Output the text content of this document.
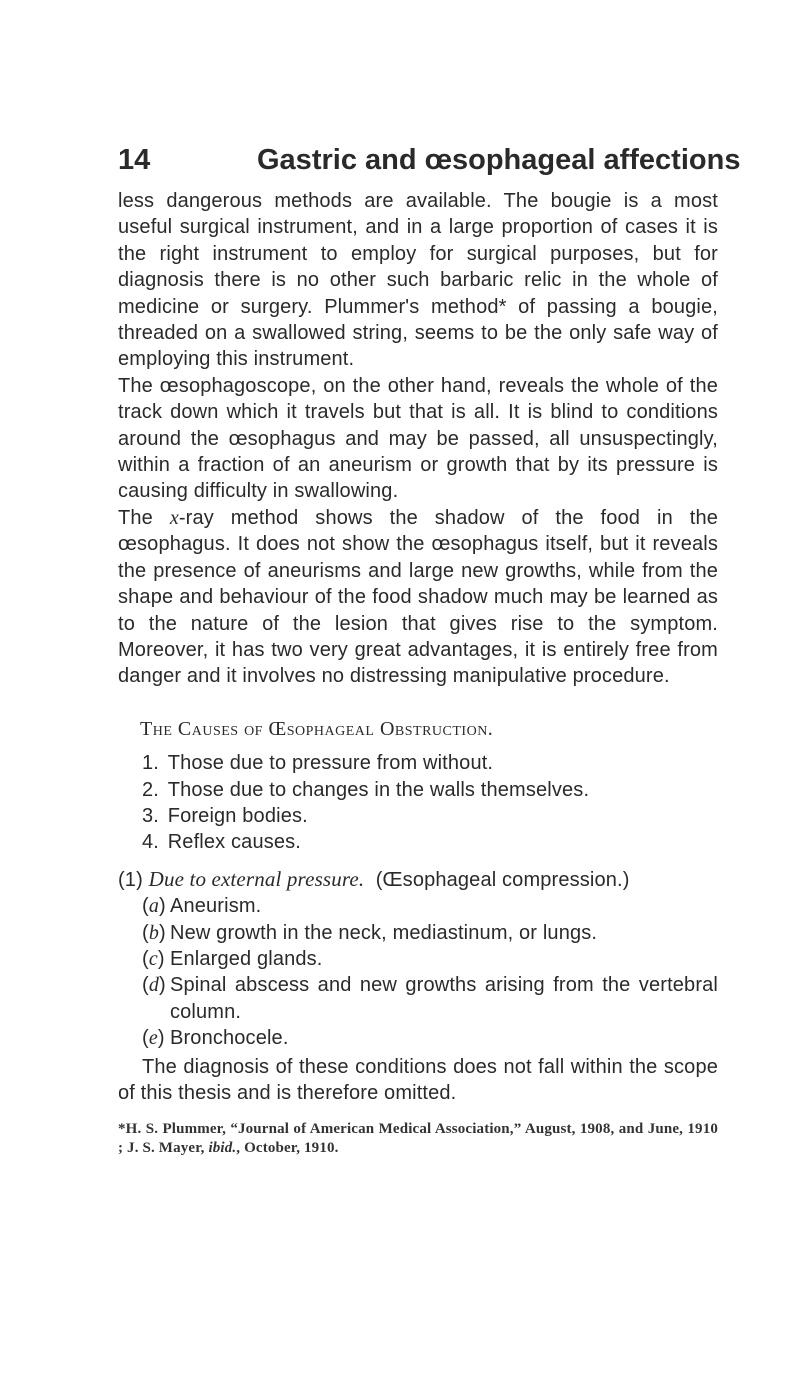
14	Gastric and œsophageal affections

less dangerous methods are available. The bougie is a most useful surgical instrument, and in a large proportion of cases it is the right instrument to employ for surgical purposes, but for diagnosis there is no other such barbaric relic in the whole of medicine or surgery. Plummer's method* of passing a bougie, threaded on a swallowed string, seems to be the only safe way of employing this instrument.

The œsophagoscope, on the other hand, reveals the whole of the track down which it travels but that is all. It is blind to conditions around the œsophagus and may be passed, all unsuspectingly, within a fraction of an aneurism or growth that by its pressure is causing difficulty in swallowing.

The x-ray method shows the shadow of the food in the œsophagus. It does not show the œsophagus itself, but it reveals the presence of aneurisms and large new growths, while from the shape and behaviour of the food shadow much may be learned as to the nature of the lesion that gives rise to the symptom. Moreover, it has two very great advantages, it is entirely free from danger and it involves no distressing manipulative procedure.

The Causes of Œsophageal Obstruction.
1.
Those due to pressure from without.
2.
Those due to changes in the walls themselves.
3.
Foreign bodies.
4.
Reflex causes.

(1) Due to external pressure. (Œsophageal compression.)

(a) Aneurism.
(b) New growth in the neck, mediastinum, or lungs.
(c) Enlarged glands.
(d) Spinal abscess and new growths arising from the vertebral column.
(e) Bronchocele.

The diagnosis of these conditions does not fall within the scope of this thesis and is therefore omitted.

*H. S. Plummer, “Journal of American Medical Association,” August, 1908, and June, 1910 ; J. S. Mayer, ibid., October, 1910.
